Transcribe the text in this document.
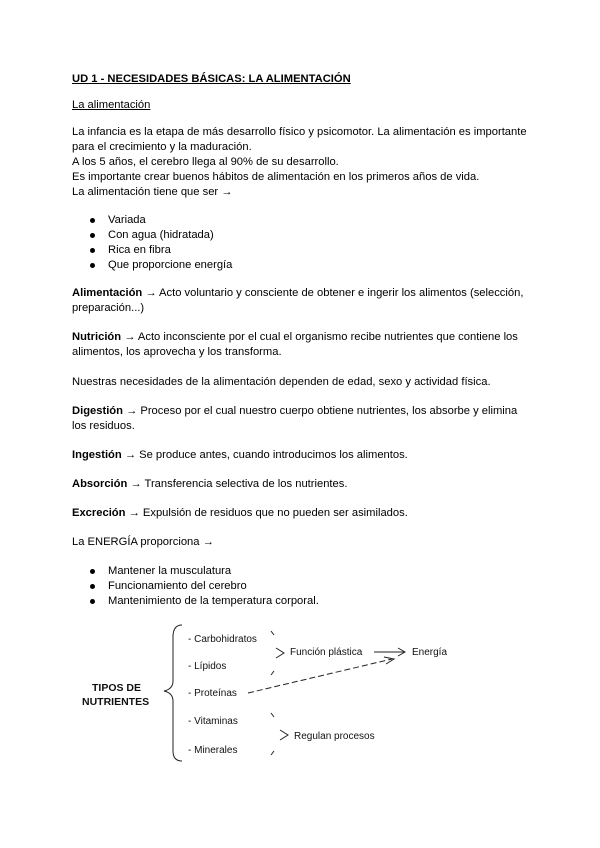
UD 1 - NECESIDADES BÁSICAS: LA ALIMENTACIÓN
La alimentación
La infancia es la etapa de más desarrollo físico y psicomotor. La alimentación es importante para el crecimiento y la maduración.
A los 5 años, el cerebro llega al 90% de su desarrollo.
Es importante crear buenos hábitos de alimentación en los primeros años de vida.
La alimentación tiene que ser →
Variada
Con agua (hidratada)
Rica en fibra
Que proporcione energía
Alimentación → Acto voluntario y consciente de obtener e ingerir los alimentos (selección, preparación...)
Nutrición → Acto inconsciente por el cual el organismo recibe nutrientes que contiene los alimentos, los aprovecha y los transforma.
Nuestras necesidades de la alimentación dependen de edad, sexo y actividad física.
Digestión → Proceso por el cual nuestro cuerpo obtiene nutrientes, los absorbe y elimina los residuos.
Ingestión → Se produce antes, cuando introducimos los alimentos.
Absorción → Transferencia selectiva de los nutrientes.
Excreción → Expulsión de residuos que no pueden ser asimilados.
La ENERGÍA proporciona →
Mantener la musculatura
Funcionamiento del cerebro
Mantenimiento de la temperatura corporal.
TIPOS DE
NUTRIENTES
- Carbohidratos
- Lípidos
- Proteínas
- Vitaminas
- Minerales
Función plástica	Energía
Regulan procesos
